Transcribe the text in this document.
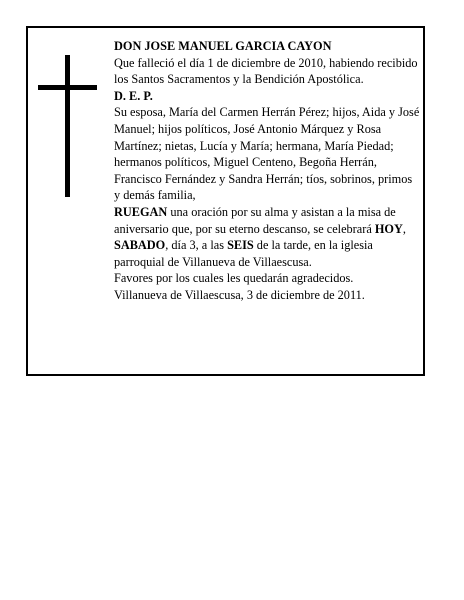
DON JOSE MANUEL GARCIA CAYON

Que falleció el día 1 de diciembre de 2010, habiendo recibido los Santos Sacramentos y la Bendición Apostólica.

D. E. P.

Su esposa, María del Carmen Herrán Pérez; hijos, Aida y José Manuel; hijos políticos, José Antonio Márquez y Rosa Martínez; nietas, Lucía y María; hermana, María Piedad; hermanos políticos, Miguel Centeno, Begoña Herrán, Francisco Fernández y Sandra Herrán; tíos, sobrinos, primos y demás familia,

RUEGAN una oración por su alma y asistan a la misa de aniversario que, por su eterno descanso, se celebrará HOY, SABADO, día 3, a las SEIS de la tarde, en la iglesia parroquial de Villanueva de Villaescusa.

Favores por los cuales les quedarán agradecidos.

Villanueva de Villaescusa, 3 de diciembre de 2011.
